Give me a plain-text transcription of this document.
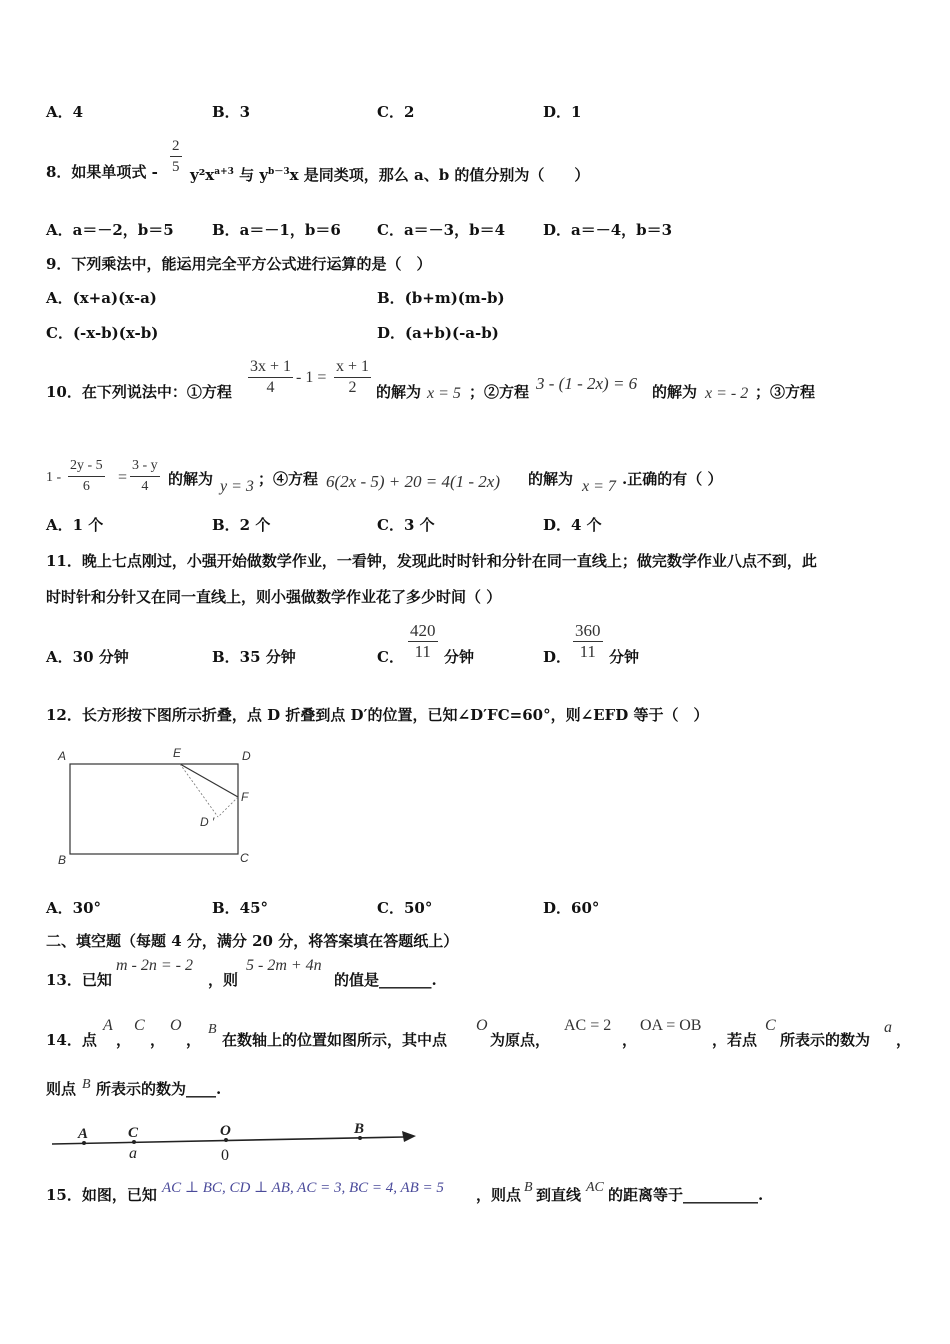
A．4	B．3	C．2	D．1
8．如果单项式 - $\frac{2}{5} y^2x^{a+3}$ 与 $y^{b-3}x$ 是同类项，那么 a、b 的值分别为（　　）
A．a＝－2，b＝5	B．a＝－1，b＝6 C．a＝－3，b＝4	D．a＝－4，b＝3
9．下列乘法中，能运用完全平方公式进行运算的是（　）
A．(x+a)(x-a)	B．(b+m)(m-b)
C．(-x-b)(x-b)	D．(a+b)(-a-b)
10．在下列说法中：①方程 $\frac{3x + 1}{4} - 1 = \frac{x + 1}{2}$ 的解为 x = 5 ；②方程 3 - (1 - 2x) = 6 的解为 x = - 2 ；③方程
$1 - \frac{2y - 5}{6} = \frac{3 - y}{4}$ 的解为 y = 3 ；④方程 6(2x - 5) + 20 = 4(1 - 2x) 的解为 x = 7 .正确的有（ ）
A．1 个	B．2 个	C．3 个	D．4 个
11．晚上七点刚过，小强开始做数学作业，一看钟，发现此时时针和分针在同一直线上；做完数学作业八点不到，此
时时针和分针又在同一直线上，则小强做数学作业花了多少时间（ ）
A．30 分钟	B．35 分钟	C． $\frac{420}{11}$ 分钟	D． $\frac{360}{11}$ 分钟
12．长方形按下图所示折叠，点 D 折叠到点 D′的位置，已知∠D′FC=60°，则∠EFD 等于（　）
A
B	C
D
E
F
D ′
A．30°	B．45°	C．50°	D．60°
二、填空题（每题 4 分，满分 20 分，将答案填在答题纸上）
13．已知
m - 2n = - 2
，则
5 - 2m + 4n
的值是_______.
14．点
A
，
C
，
O
，
B
在数轴上的位置如图所示，其中点
O
为原点，
AC = 2
，
OA = OB
，若点
C
所表示的数为
a
，
则点 B 所表示的数为____.
A	C	O	B
a	0
15．如图，已知 AC ⊥ BC, CD ⊥ AB, AC = 3, BC = 4, AB = 5 ，则点 B 到直线 AC 的距离等于__________.
